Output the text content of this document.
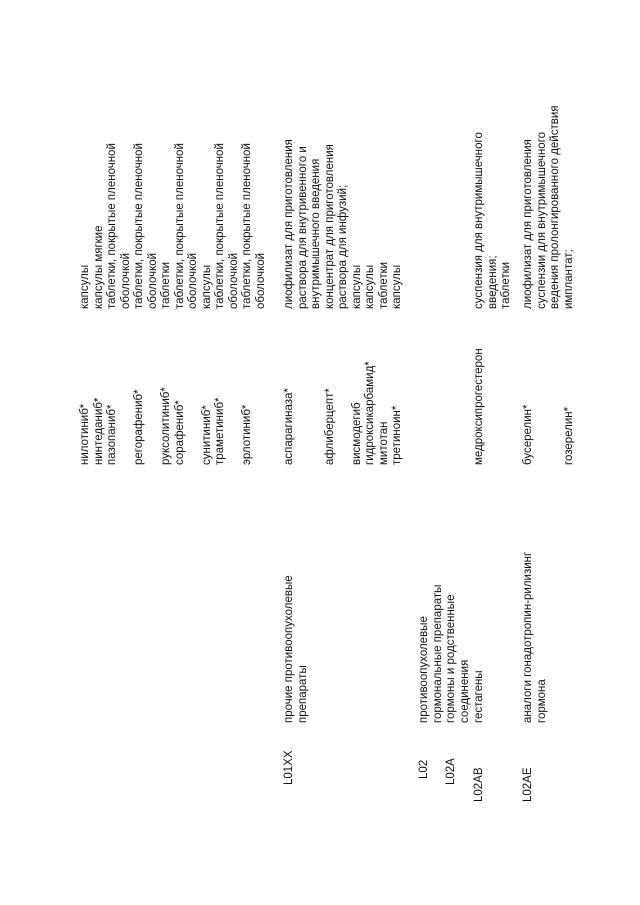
нилотиниб*
нинтеданиб*
пазопаниб*

регорафениб*

руксолитиниб*
сорафениб*

сунитиниб*
траметиниб*

эрлотиниб*
капсулы
капсулы мягкие
таблетки, покрытые пленочной
оболочкой
таблетки, покрытые пленочной
оболочкой
таблетки
таблетки, покрытые пленочной
оболочкой
капсулы
таблетки, покрытые пленочной
оболочкой
таблетки, покрытые пленочной
оболочкой
L01XX
прочие противоопухолевые
препараты
аспарагиназа*

афлиберцепт*

висмодегиб
гидроксикарбамид*
митотан
третиноин*
лиофилизат для приготовления
раствора для внутривенного и
внутримышечного введения
концентрат для приготовления
раствора для инфузий;
капсулы
капсулы
таблетки
капсулы
L02
противоопухолевые
гормональные препараты
L02A
гормоны и родственные
соединения
L02AB
гестагены
медроксипрогестерон
суспензия для внутримышечного
введения;
таблетки
L02AE
аналоги гонадотропин-рилизинг
гормона
бусерелин*

гозерелин*
лиофилизат для приготовления
суспензии для внутримышечного
ведения пролонгированного действия
имплантат;
